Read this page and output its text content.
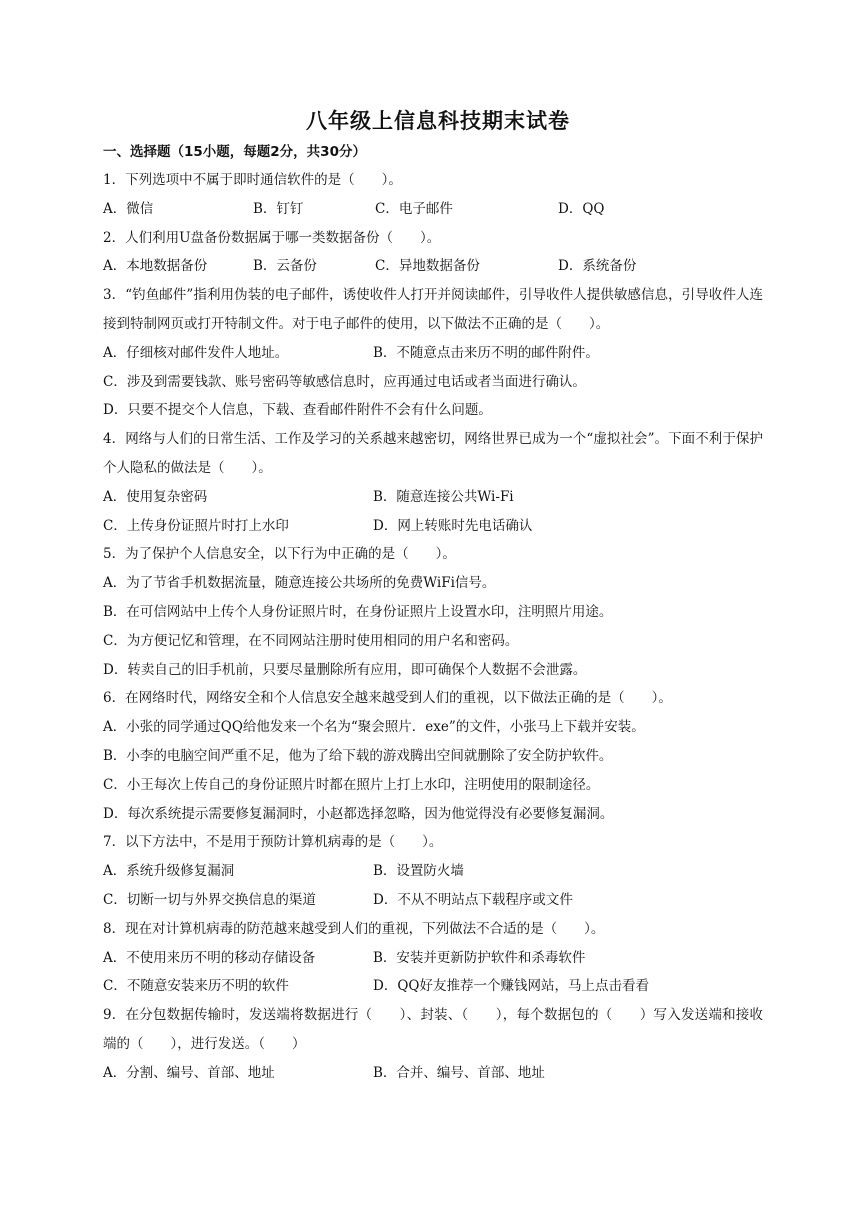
八年级上信息科技期末试卷
一、选择题（15小题，每题2分，共30分）
1．下列选项中不属于即时通信软件的是（　　）。
A．微信	B．钉钉	C．电子邮件	D．QQ
2．人们利用U盘备份数据属于哪一类数据备份（　　）。
A．本地数据备份	B．云备份	C．异地数据备份	D．系统备份
3．“钓鱼邮件”指利用伪装的电子邮件，诱使收件人打开并阅读邮件，引导收件人提供敏感信息，引导收件人连接到特制网页或打开特制文件。对于电子邮件的使用，以下做法不正确的是（　　）。
A．仔细核对邮件发件人地址。	B．不随意点击来历不明的邮件附件。
C．涉及到需要钱款、账号密码等敏感信息时，应再通过电话或者当面进行确认。
D．只要不提交个人信息，下载、查看邮件附件不会有什么问题。
4．网络与人们的日常生活、工作及学习的关系越来越密切，网络世界已成为一个“虚拟社会”。下面不利于保护个人隐私的做法是（　　）。
A．使用复杂密码	B．随意连接公共Wi-Fi
C．上传身份证照片时打上水印	D．网上转账时先电话确认
5．为了保护个人信息安全，以下行为中正确的是（　　）。
A．为了节省手机数据流量，随意连接公共场所的免费WiFi信号。
B．在可信网站中上传个人身份证照片时，在身份证照片上设置水印，注明照片用途。
C．为方便记忆和管理，在不同网站注册时使用相同的用户名和密码。
D．转卖自己的旧手机前，只要尽量删除所有应用，即可确保个人数据不会泄露。
6．在网络时代，网络安全和个人信息安全越来越受到人们的重视，以下做法正确的是（　　）。
A．小张的同学通过QQ给他发来一个名为“聚会照片．exe”的文件，小张马上下载并安装。
B．小李的电脑空间严重不足，他为了给下载的游戏腾出空间就删除了安全防护软件。
C．小王每次上传自己的身份证照片时都在照片上打上水印，注明使用的限制途径。
D．每次系统提示需要修复漏洞时，小赵都选择忽略，因为他觉得没有必要修复漏洞。
7．以下方法中，不是用于预防计算机病毒的是（　　）。
A．系统升级修复漏洞	B．设置防火墙
C．切断一切与外界交换信息的渠道	D．不从不明站点下载程序或文件
8．现在对计算机病毒的防范越来越受到人们的重视，下列做法不合适的是（　　）。
A．不使用来历不明的移动存储设备	B．安装并更新防护软件和杀毒软件
C．不随意安装来历不明的软件	D．QQ好友推荐一个赚钱网站，马上点击看看
9．在分包数据传输时，发送端将数据进行（　　）、封装、（　　），每个数据包的（　　）写入发送端和接收端的（　　），进行发送。（　　）
A．分割、编号、首部、地址	B．合并、编号、首部、地址
